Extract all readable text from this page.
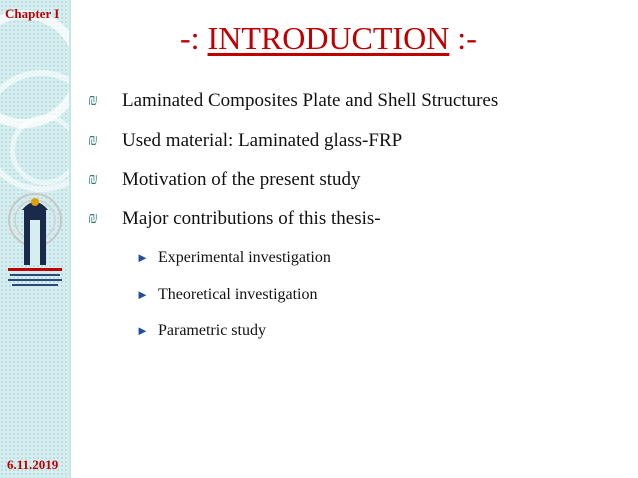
Chapter I
6.11.2019
-: INTRODUCTION :-
₪	Laminated Composites Plate and Shell Structures
₪	Used material: Laminated glass-FRP
₪	Motivation of the present study
₪	Major contributions of this thesis-
► Experimental investigation
► Theoretical investigation
► Parametric study
